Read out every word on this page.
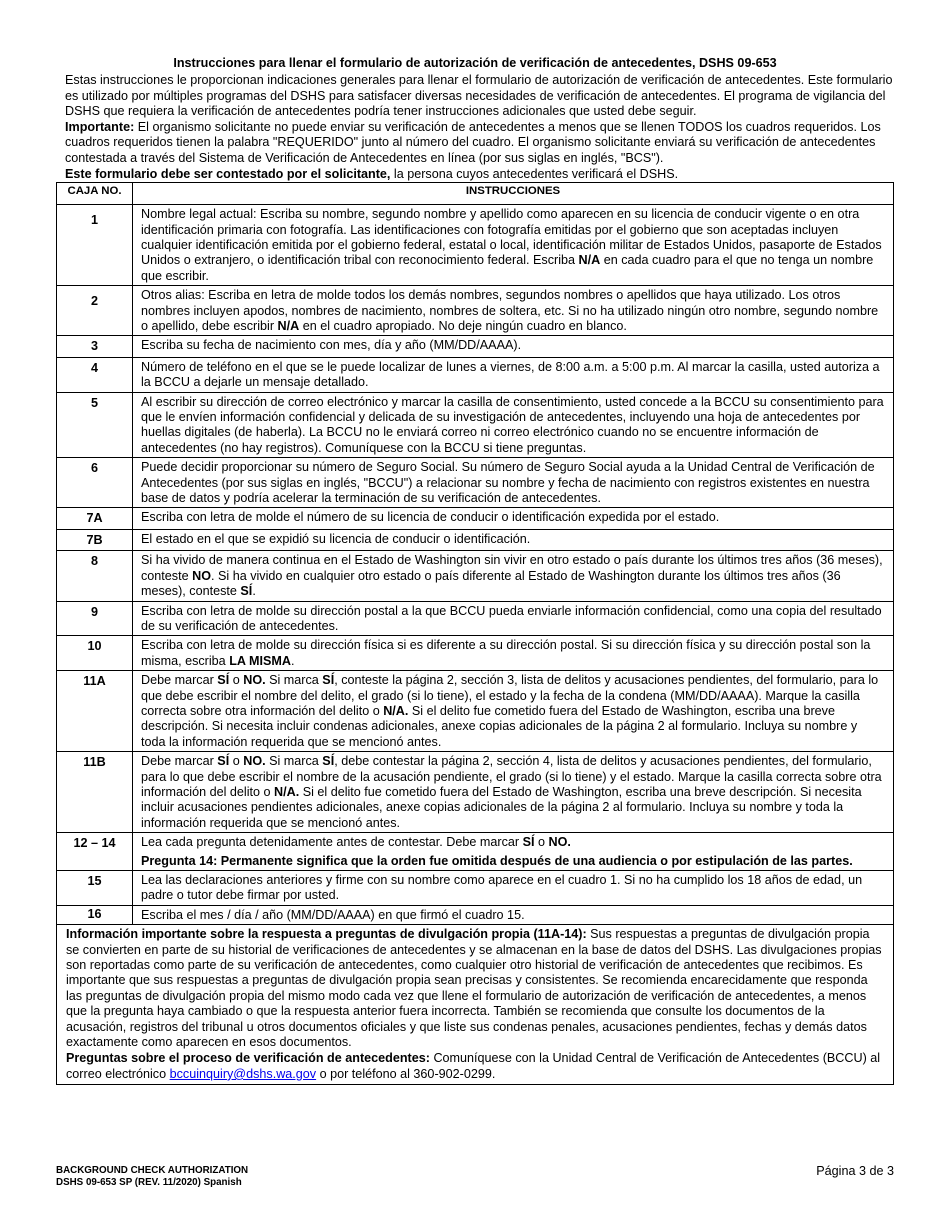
Instrucciones para llenar el formulario de autorización de verificación de antecedentes, DSHS 09-653

Estas instrucciones le proporcionan indicaciones generales para llenar el formulario de autorización de verificación de antecedentes. Este formulario es utilizado por múltiples programas del DSHS para satisfacer diversas necesidades de verificación de antecedentes. El programa de vigilancia del DSHS que requiera la verificación de antecedentes podría tener instrucciones adicionales que usted debe seguir.

Importante: El organismo solicitante no puede enviar su verificación de antecedentes a menos que se llenen TODOS los cuadros requeridos. Los cuadros requeridos tienen la palabra "REQUERIDO" junto al número del cuadro. El organismo solicitante enviará su verificación de antecedentes contestada a través del Sistema de Verificación de Antecedentes en línea (por sus siglas en inglés, "BCS").

Este formulario debe ser contestado por el solicitante, la persona cuyos antecedentes verificará el DSHS.

CAJA NO.	INSTRUCCIONES
1	Nombre legal actual: Escriba su nombre, segundo nombre y apellido como aparecen en su licencia de conducir vigente o en otra identificación primaria con fotografía. Las identificaciones con fotografía emitidas por el gobierno que son aceptadas incluyen cualquier identificación emitida por el gobierno federal, estatal o local, identificación militar de Estados Unidos, pasaporte de Estados Unidos o extranjero, o identificación tribal con reconocimiento federal. Escriba N/A en cada cuadro para el que no tenga un nombre que escribir.
2	Otros alias: Escriba en letra de molde todos los demás nombres, segundos nombres o apellidos que haya utilizado. Los otros nombres incluyen apodos, nombres de nacimiento, nombres de soltera, etc. Si no ha utilizado ningún otro nombre, segundo nombre o apellido, debe escribir N/A en el cuadro apropiado. No deje ningún cuadro en blanco.
3	Escriba su fecha de nacimiento con mes, día y año (MM/DD/AAAA).
4	Número de teléfono en el que se le puede localizar de lunes a viernes, de 8:00 a.m. a 5:00 p.m. Al marcar la casilla, usted autoriza a la BCCU a dejarle un mensaje detallado.
5	Al escribir su dirección de correo electrónico y marcar la casilla de consentimiento, usted concede a la BCCU su consentimiento para que le envíen información confidencial y delicada de su investigación de antecedentes, incluyendo una hoja de antecedentes por huellas digitales (de haberla). La BCCU no le enviará correo ni correo electrónico cuando no se encuentre información de antecedentes (no hay registros). Comuníquese con la BCCU si tiene preguntas.
6	Puede decidir proporcionar su número de Seguro Social. Su número de Seguro Social ayuda a la Unidad Central de Verificación de Antecedentes (por sus siglas en inglés, "BCCU") a relacionar su nombre y fecha de nacimiento con registros existentes en nuestra base de datos y podría acelerar la terminación de su verificación de antecedentes.
7A	Escriba con letra de molde el número de su licencia de conducir o identificación expedida por el estado.
7B	El estado en el que se expidió su licencia de conducir o identificación.
8	Si ha vivido de manera continua en el Estado de Washington sin vivir en otro estado o país durante los últimos tres años (36 meses), conteste NO. Si ha vivido en cualquier otro estado o país diferente al Estado de Washington durante los últimos tres años (36 meses), conteste SÍ.
9	Escriba con letra de molde su dirección postal a la que BCCU pueda enviarle información confidencial, como una copia del resultado de su verificación de antecedentes.
10	Escriba con letra de molde su dirección física si es diferente a su dirección postal. Si su dirección física y su dirección postal son la misma, escriba LA MISMA.
11A	Debe marcar SÍ o NO. Si marca SÍ, conteste la página 2, sección 3, lista de delitos y acusaciones pendientes, del formulario, para lo que debe escribir el nombre del delito, el grado (si lo tiene), el estado y la fecha de la condena (MM/DD/AAAA). Marque la casilla correcta sobre otra información del delito o N/A. Si el delito fue cometido fuera del Estado de Washington, escriba una breve descripción. Si necesita incluir condenas adicionales, anexe copias adicionales de la página 2 al formulario. Incluya su nombre y toda la información requerida que se mencionó antes.
11B	Debe marcar SÍ o NO. Si marca SÍ, debe contestar la página 2, sección 4, lista de delitos y acusaciones pendientes, del formulario, para lo que debe escribir el nombre de la acusación pendiente, el grado (si lo tiene) y el estado. Marque la casilla correcta sobre otra información del delito o N/A. Si el delito fue cometido fuera del Estado de Washington, escriba una breve descripción. Si necesita incluir acusaciones pendientes adicionales, anexe copias adicionales de la página 2 al formulario. Incluya su nombre y toda la información requerida que se mencionó antes.
12 – 14	Lea cada pregunta detenidamente antes de contestar. Debe marcar SÍ o NO.

Pregunta 14: Permanente significa que la orden fue omitida después de una audiencia o por estipulación de las partes.

15	Lea las declaraciones anteriores y firme con su nombre como aparece en el cuadro 1. Si no ha cumplido los 18 años de edad, un padre o tutor debe firmar por usted.
16	Escriba el mes / día / año (MM/DD/AAAA) en que firmó el cuadro 15.

Información importante sobre la respuesta a preguntas de divulgación propia (11A-14): Sus respuestas a preguntas de divulgación propia se convierten en parte de su historial de verificaciones de antecedentes y se almacenan en la base de datos del DSHS. Las divulgaciones propias son reportadas como parte de su verificación de antecedentes, como cualquier otro historial de verificación de antecedentes que recibimos. Es importante que sus respuestas a preguntas de divulgación propia sean precisas y consistentes. Se recomienda encarecidamente que responda las preguntas de divulgación propia del mismo modo cada vez que llene el formulario de autorización de verificación de antecedentes, a menos que la pregunta haya cambiado o que la respuesta anterior fuera incorrecta. También se recomienda que consulte los documentos de la acusación, registros del tribunal u otros documentos oficiales y que liste sus condenas penales, acusaciones pendientes, fechas y demás datos exactamente como aparecen en esos documentos.

Preguntas sobre el proceso de verificación de antecedentes: Comuníquese con la Unidad Central de Verificación de Antecedentes (BCCU) al correo electrónico bccuinquiry@dshs.wa.gov o por teléfono al 360-902-0299.

BACKGROUND CHECK AUTHORIZATION
DSHS 09-653 SP (REV. 11/2020) Spanish
Página 3 de 3
